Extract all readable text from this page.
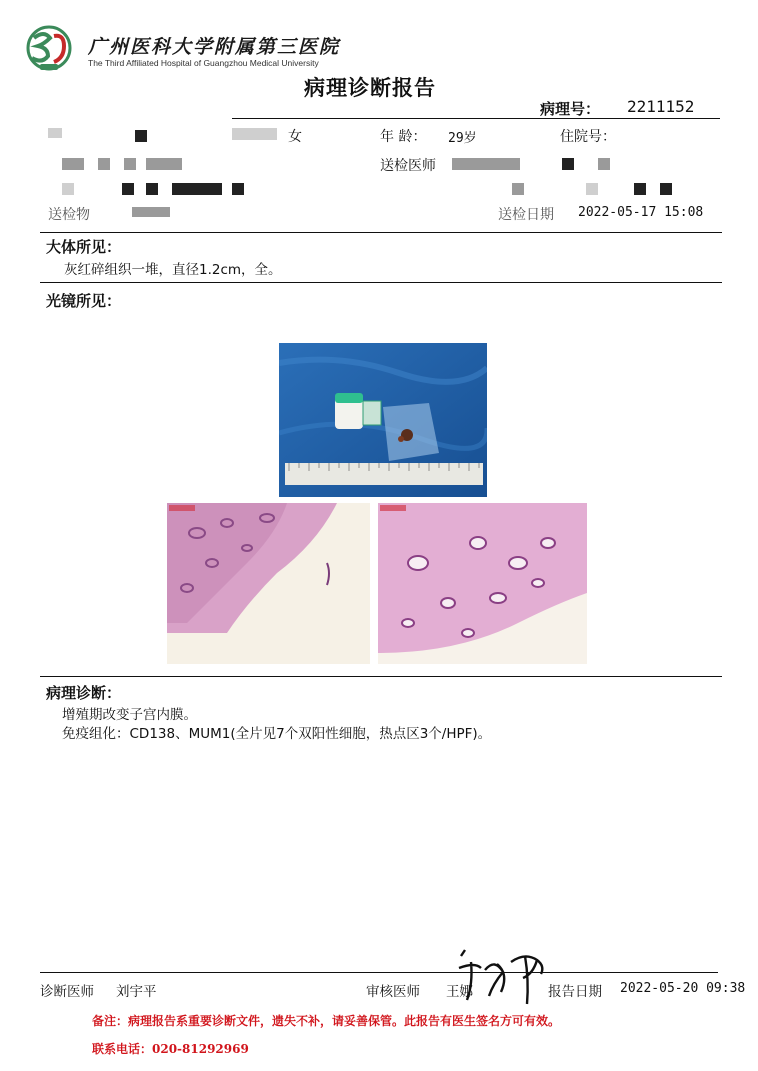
广州医科大学附属第三医院
The Third Affiliated Hospital of Guangzhou Medical University
病理诊断报告
病理号： 2211152
女	年 龄： 29岁	住院号：
送检医师
送检物	送检日期 2022-05-17 15:08
大体所见：
灰红碎组织一堆，直径1.2cm，全。
光镜所见：
病理诊断：
增殖期改变子宫内膜。
免疫组化：CD138、MUM1(全片见7个双阳性细胞，热点区3个/HPF)。
诊断医师 刘宇平	审核医师 王娜	报告日期 2022-05-20 09:38
备注：病理报告系重要诊断文件，遗失不补，请妥善保管。此报告有医生签名方可有效。
联系电话：020-81292969
